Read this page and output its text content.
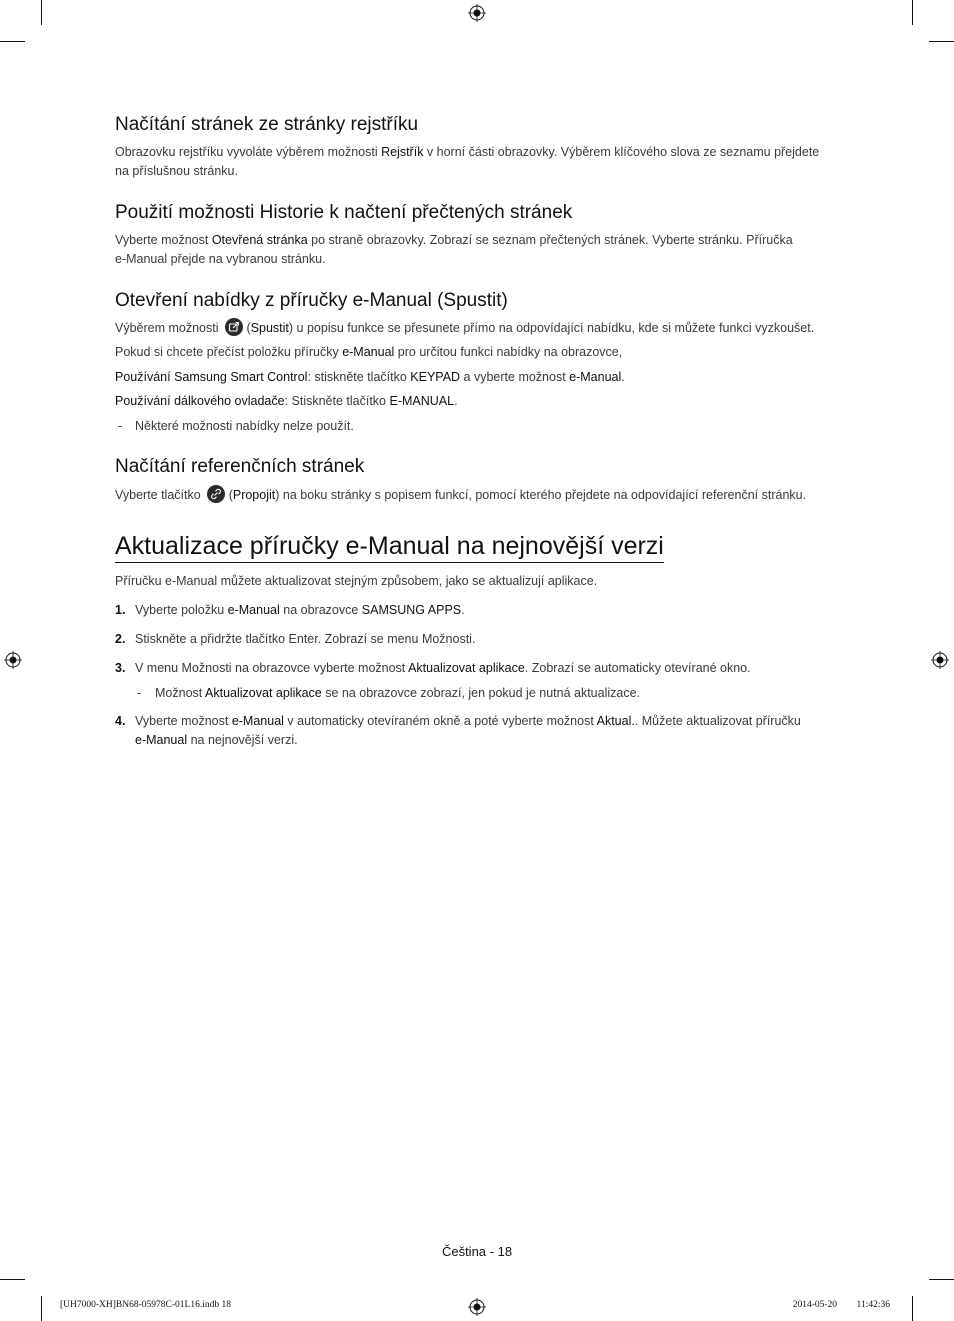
Načítání stránek ze stránky rejstříku

Obrazovku rejstříku vyvoláte výběrem možnosti Rejstřík v horní části obrazovky. Výběrem klíčového slova ze seznamu přejdete
na příslušnou stránku.

Použití možnosti Historie k načtení přečtených stránek

Vyberte možnost Otevřená stránka po straně obrazovky. Zobrazí se seznam přečtených stránek. Vyberte stránku. Příručka
e-Manual přejde na vybranou stránku.

Otevření nabídky z příručky e-Manual (Spustit)

Výběrem možnosti (Spustit) u popisu funkce se přesunete přímo na odpovídající nabídku, kde si můžete funkci vyzkoušet.

Pokud si chcete přečíst položku příručky e-Manual pro určitou funkci nabídky na obrazovce,

Používání Samsung Smart Control: stiskněte tlačítko KEYPAD a vyberte možnost e-Manual.

Používání dálkového ovladače: Stiskněte tlačítko E-MANUAL.

- Některé možnosti nabídky nelze použít.

Načítání referenčních stránek

Vyberte tlačítko (Propojit) na boku stránky s popisem funkcí, pomocí kterého přejdete na odpovídající referenční stránku.

Aktualizace příručky e-Manual na nejnovější verzi

Příručku e-Manual můžete aktualizovat stejným způsobem, jako se aktualizují aplikace.

1. Vyberte položku e-Manual na obrazovce SAMSUNG APPS.
2. Stiskněte a přidržte tlačítko Enter. Zobrazí se menu Možnosti.
3. V menu Možnosti na obrazovce vyberte možnost Aktualizovat aplikace. Zobrazí se automaticky otevírané okno.
- Možnost Aktualizovat aplikace se na obrazovce zobrazí, jen pokud je nutná aktualizace.
4. Vyberte možnost e-Manual v automaticky otevíraném okně a poté vyberte možnost Aktual.. Můžete aktualizovat příručku
e-Manual na nejnovější verzi.
Čeština - 18
[UH7000-XH]BN68-05978C-01L16.indb 18	2014-05-20 ￿￿ 11:42:36
